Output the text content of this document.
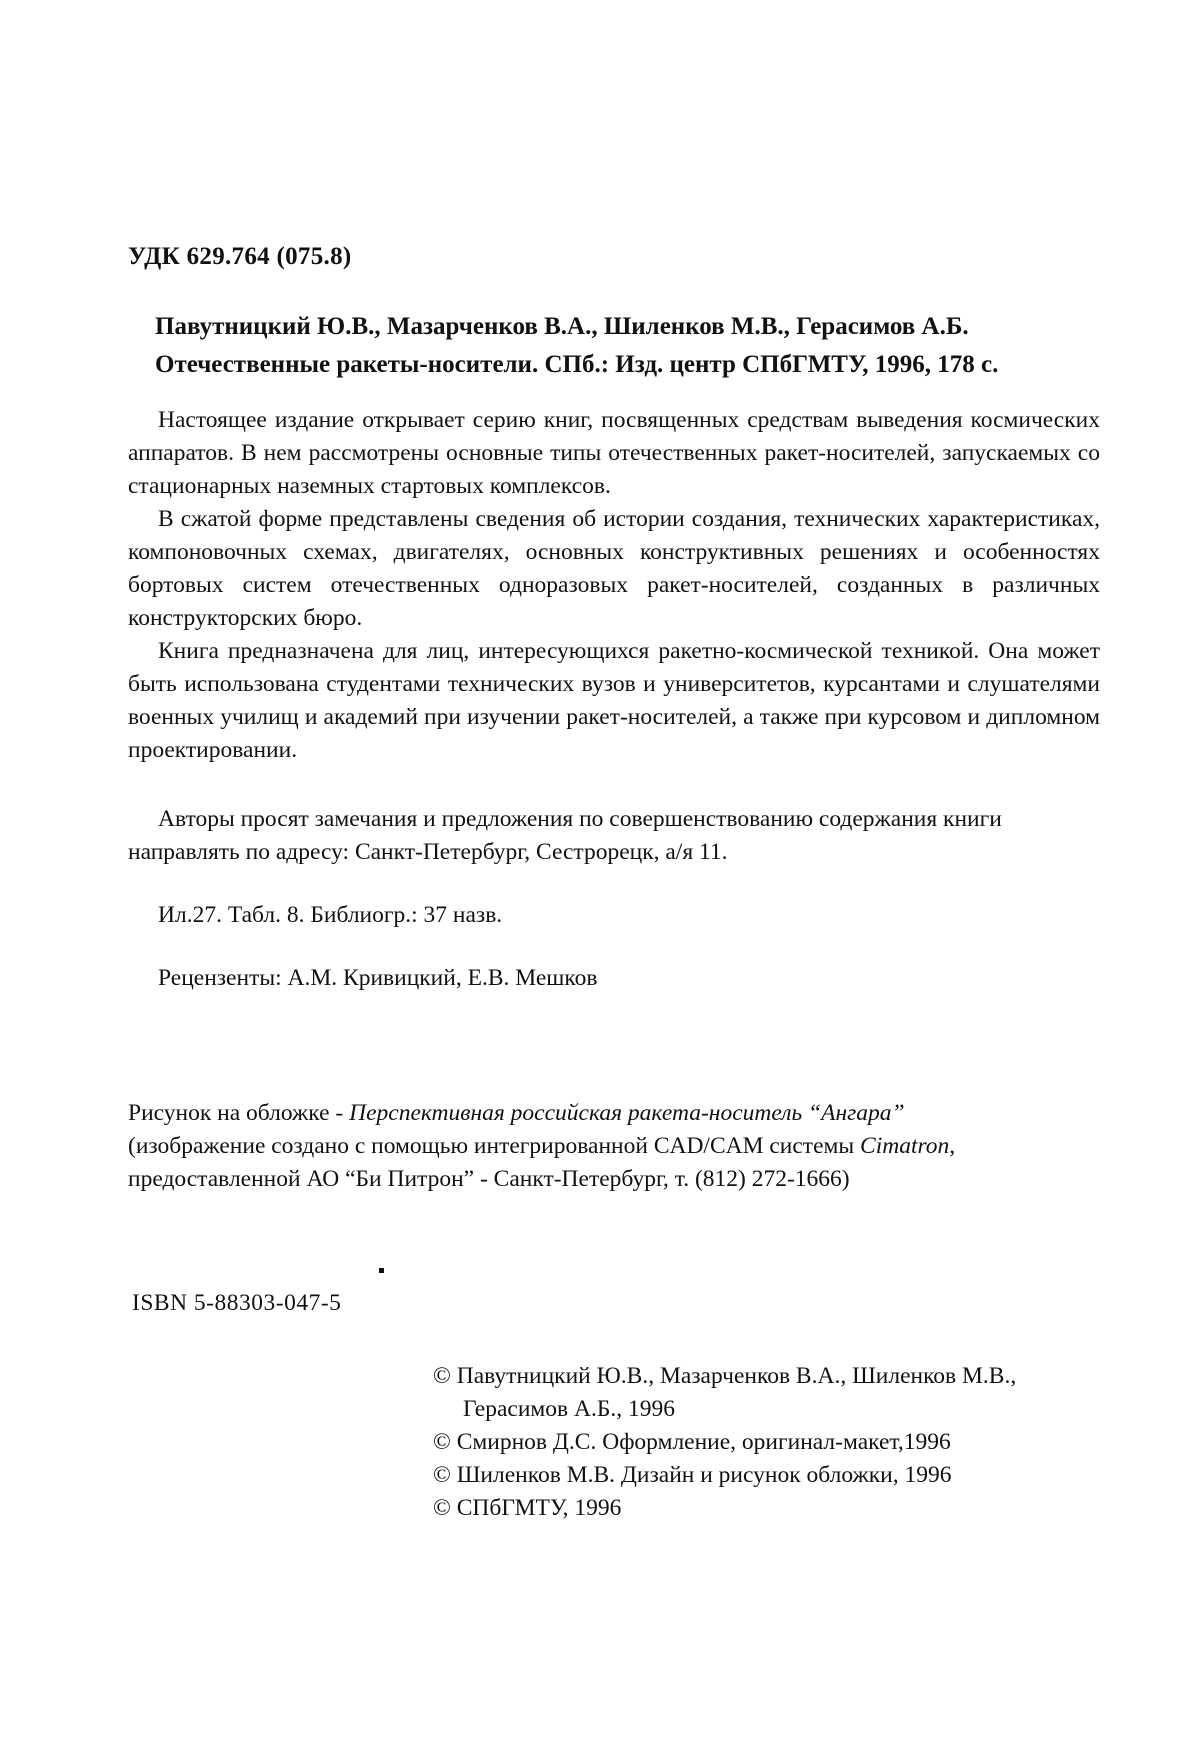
УДК 629.764 (075.8)
Павутницкий Ю.В., Мазарченков В.А., Шиленков М.В., Герасимов А.Б.
Отечественные ракеты-носители. СПб.: Изд. центр СПбГМТУ, 1996, 178 с.

Настоящее издание открывает серию книг, посвященных средствам выведения космических аппаратов. В нем рассмотрены основные типы отечественных ракет-носителей, запускаемых со стационарных наземных стартовых комплексов.

В сжатой форме представлены сведения об истории создания, технических характеристиках, компоновочных схемах, двигателях, основных конструктивных решениях и особенностях бортовых систем отечественных одноразовых ракет-носителей, созданных в различных конструкторских бюро.

Книга предназначена для лиц, интересующихся ракетно-космической техникой. Она может быть использована студентами технических вузов и университетов, курсантами и слушателями военных училищ и академий при изучении ракет-носителей, а также при курсовом и дипломном проектировании.

Авторы просят замечания и предложения по совершенствованию содержания книги направлять по адресу: Санкт-Петербург, Сестрорецк, а/я 11.

Ил.27. Табл. 8. Библиогр.: 37 назв.
Рецензенты: А.М. Кривицкий, Е.В. Мешков
Рисунок на обложке - Перспективная российская ракета-носитель “Ангара”
(изображение создано с помощью интегрированной CAD/CAM системы Cimatron,
предоставленной АО “Би Питрон” - Санкт-Петербург, т. (812) 272-1666)
ISBN 5-88303-047-5
© Павутницкий Ю.В., Мазарченков В.А., Шиленков М.В.,
Герасимов А.Б., 1996
© Смирнов Д.С. Оформление, оригинал-макет,1996
© Шиленков М.В. Дизайн и рисунок обложки, 1996
© СПбГМТУ, 1996
